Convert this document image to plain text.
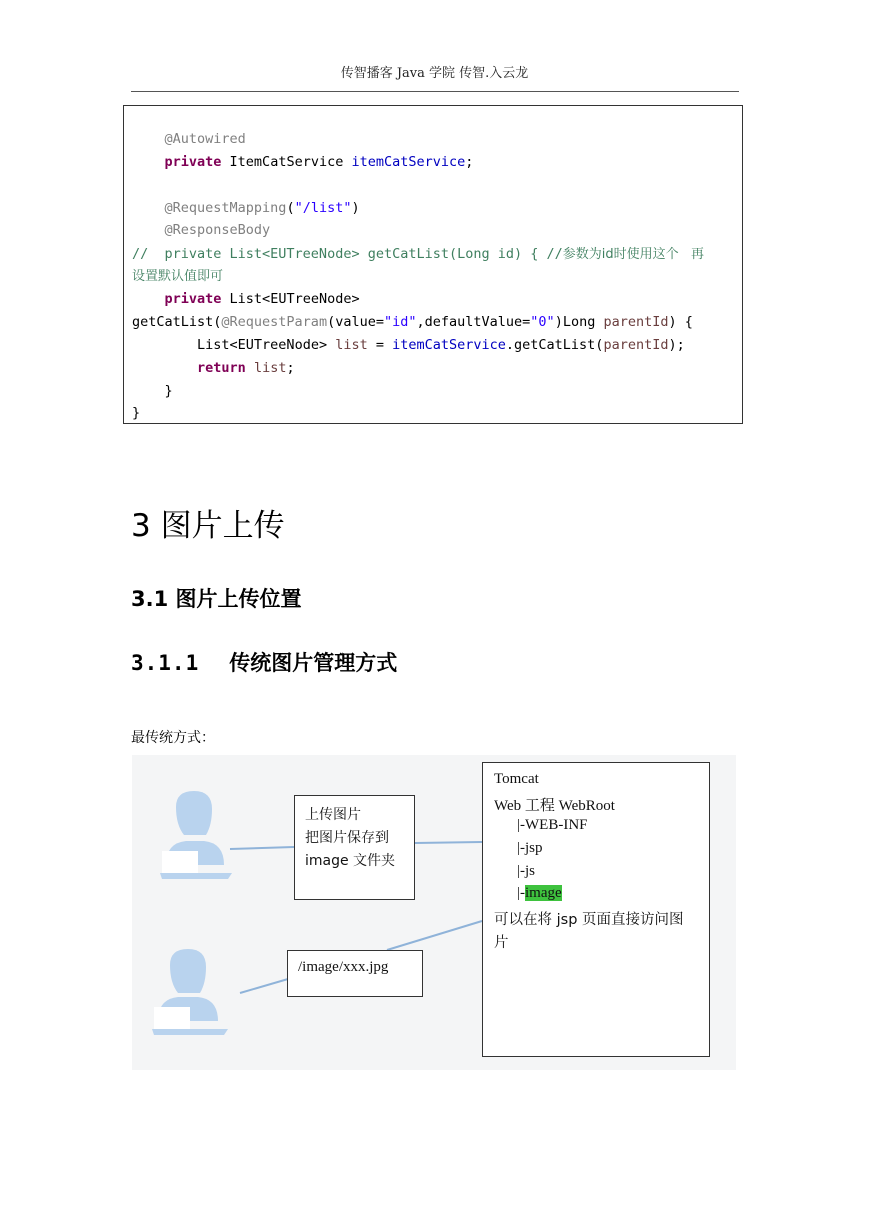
传智播客 Java 学院 传智.入云龙
@Autowired
private ItemCatService itemCatService;
@RequestMapping("/list")
@ResponseBody
//  private List<EUTreeNode> getCatList(Long id) { //参数为id时使用这个   再
设置默认值即可
private List<EUTreeNode>
getCatList(@RequestParam(value="id",defaultValue="0")Long parentId) {
List<EUTreeNode> list = itemCatService.getCatList(parentId);
return list;
}
}
3 图片上传
3.1 图片上传位置
3.1.1 传统图片管理方式
最传统方式：
上传图片
把图片保存到
image 文件夹
/image/xxx.jpg
Tomcat
Web 工程 WebRoot
|-WEB-INF
|-jsp
|-js
|-image
可以在将 jsp 页面直接访问图
片
